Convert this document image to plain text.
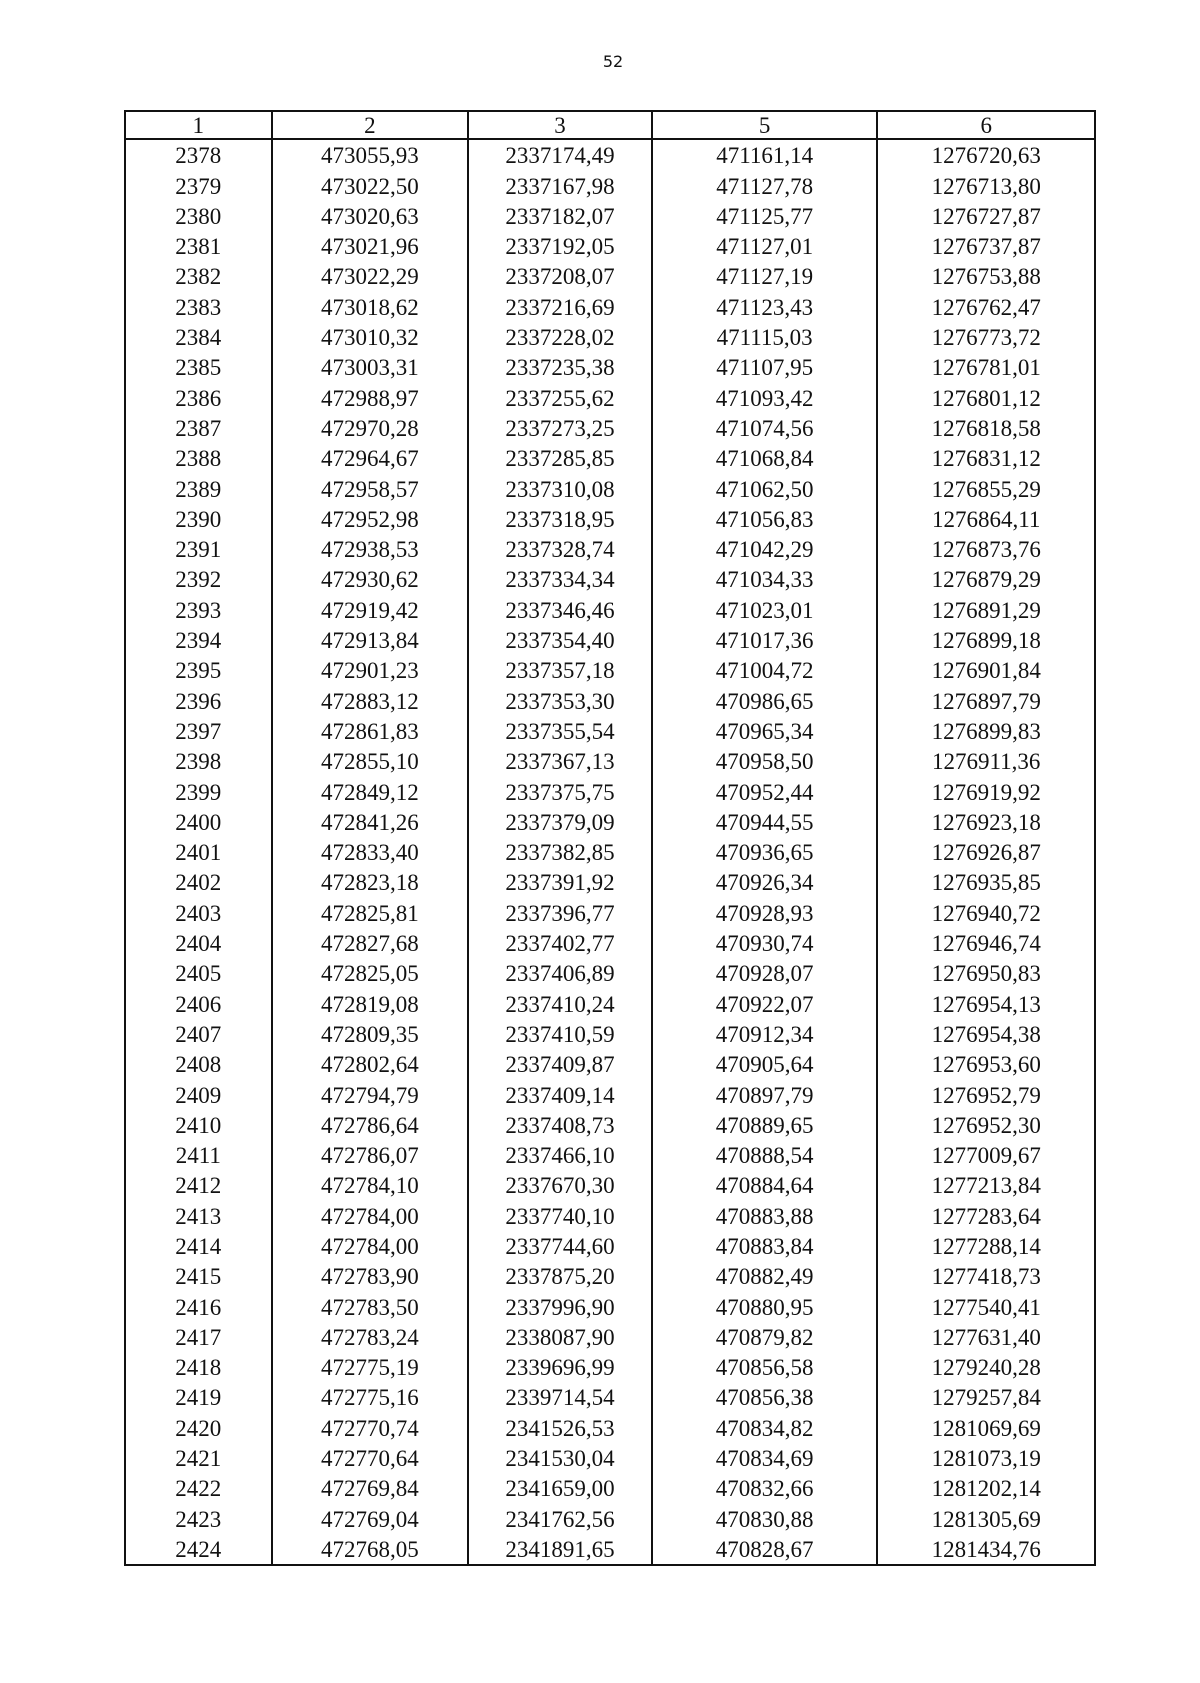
52
1	2	3	5	6
2378	473055,93	2337174,49	471161,14	1276720,63
2379	473022,50	2337167,98	471127,78	1276713,80
2380	473020,63	2337182,07	471125,77	1276727,87
2381	473021,96	2337192,05	471127,01	1276737,87
2382	473022,29	2337208,07	471127,19	1276753,88
2383	473018,62	2337216,69	471123,43	1276762,47
2384	473010,32	2337228,02	471115,03	1276773,72
2385	473003,31	2337235,38	471107,95	1276781,01
2386	472988,97	2337255,62	471093,42	1276801,12
2387	472970,28	2337273,25	471074,56	1276818,58
2388	472964,67	2337285,85	471068,84	1276831,12
2389	472958,57	2337310,08	471062,50	1276855,29
2390	472952,98	2337318,95	471056,83	1276864,11
2391	472938,53	2337328,74	471042,29	1276873,76
2392	472930,62	2337334,34	471034,33	1276879,29
2393	472919,42	2337346,46	471023,01	1276891,29
2394	472913,84	2337354,40	471017,36	1276899,18
2395	472901,23	2337357,18	471004,72	1276901,84
2396	472883,12	2337353,30	470986,65	1276897,79
2397	472861,83	2337355,54	470965,34	1276899,83
2398	472855,10	2337367,13	470958,50	1276911,36
2399	472849,12	2337375,75	470952,44	1276919,92
2400	472841,26	2337379,09	470944,55	1276923,18
2401	472833,40	2337382,85	470936,65	1276926,87
2402	472823,18	2337391,92	470926,34	1276935,85
2403	472825,81	2337396,77	470928,93	1276940,72
2404	472827,68	2337402,77	470930,74	1276946,74
2405	472825,05	2337406,89	470928,07	1276950,83
2406	472819,08	2337410,24	470922,07	1276954,13
2407	472809,35	2337410,59	470912,34	1276954,38
2408	472802,64	2337409,87	470905,64	1276953,60
2409	472794,79	2337409,14	470897,79	1276952,79
2410	472786,64	2337408,73	470889,65	1276952,30
2411	472786,07	2337466,10	470888,54	1277009,67
2412	472784,10	2337670,30	470884,64	1277213,84
2413	472784,00	2337740,10	470883,88	1277283,64
2414	472784,00	2337744,60	470883,84	1277288,14
2415	472783,90	2337875,20	470882,49	1277418,73
2416	472783,50	2337996,90	470880,95	1277540,41
2417	472783,24	2338087,90	470879,82	1277631,40
2418	472775,19	2339696,99	470856,58	1279240,28
2419	472775,16	2339714,54	470856,38	1279257,84
2420	472770,74	2341526,53	470834,82	1281069,69
2421	472770,64	2341530,04	470834,69	1281073,19
2422	472769,84	2341659,00	470832,66	1281202,14
2423	472769,04	2341762,56	470830,88	1281305,69
2424	472768,05	2341891,65	470828,67	1281434,76
